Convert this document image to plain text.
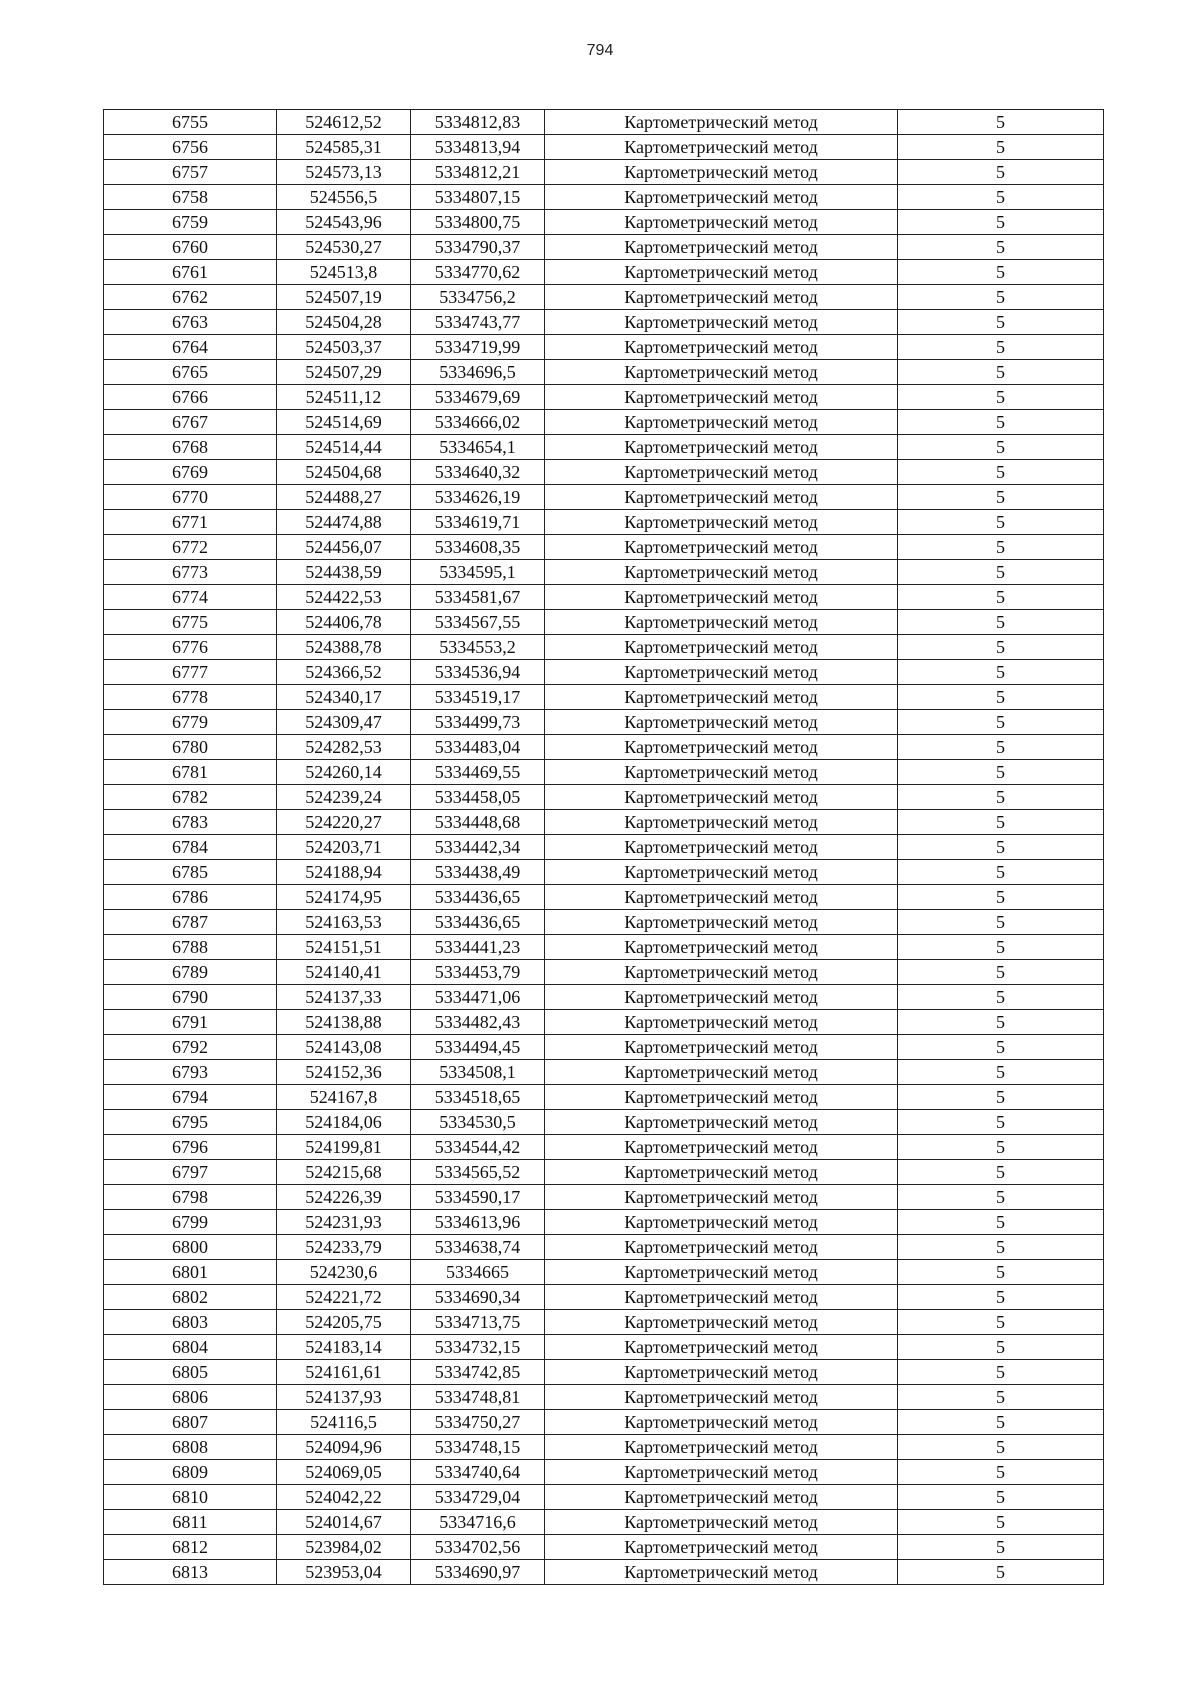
794
6755	524612,52	5334812,83	Картометрический метод	5
6756	524585,31	5334813,94	Картометрический метод	5
6757	524573,13	5334812,21	Картометрический метод	5
6758	524556,5	5334807,15	Картометрический метод	5
6759	524543,96	5334800,75	Картометрический метод	5
6760	524530,27	5334790,37	Картометрический метод	5
6761	524513,8	5334770,62	Картометрический метод	5
6762	524507,19	5334756,2	Картометрический метод	5
6763	524504,28	5334743,77	Картометрический метод	5
6764	524503,37	5334719,99	Картометрический метод	5
6765	524507,29	5334696,5	Картометрический метод	5
6766	524511,12	5334679,69	Картометрический метод	5
6767	524514,69	5334666,02	Картометрический метод	5
6768	524514,44	5334654,1	Картометрический метод	5
6769	524504,68	5334640,32	Картометрический метод	5
6770	524488,27	5334626,19	Картометрический метод	5
6771	524474,88	5334619,71	Картометрический метод	5
6772	524456,07	5334608,35	Картометрический метод	5
6773	524438,59	5334595,1	Картометрический метод	5
6774	524422,53	5334581,67	Картометрический метод	5
6775	524406,78	5334567,55	Картометрический метод	5
6776	524388,78	5334553,2	Картометрический метод	5
6777	524366,52	5334536,94	Картометрический метод	5
6778	524340,17	5334519,17	Картометрический метод	5
6779	524309,47	5334499,73	Картометрический метод	5
6780	524282,53	5334483,04	Картометрический метод	5
6781	524260,14	5334469,55	Картометрический метод	5
6782	524239,24	5334458,05	Картометрический метод	5
6783	524220,27	5334448,68	Картометрический метод	5
6784	524203,71	5334442,34	Картометрический метод	5
6785	524188,94	5334438,49	Картометрический метод	5
6786	524174,95	5334436,65	Картометрический метод	5
6787	524163,53	5334436,65	Картометрический метод	5
6788	524151,51	5334441,23	Картометрический метод	5
6789	524140,41	5334453,79	Картометрический метод	5
6790	524137,33	5334471,06	Картометрический метод	5
6791	524138,88	5334482,43	Картометрический метод	5
6792	524143,08	5334494,45	Картометрический метод	5
6793	524152,36	5334508,1	Картометрический метод	5
6794	524167,8	5334518,65	Картометрический метод	5
6795	524184,06	5334530,5	Картометрический метод	5
6796	524199,81	5334544,42	Картометрический метод	5
6797	524215,68	5334565,52	Картометрический метод	5
6798	524226,39	5334590,17	Картометрический метод	5
6799	524231,93	5334613,96	Картометрический метод	5
6800	524233,79	5334638,74	Картометрический метод	5
6801	524230,6	5334665	Картометрический метод	5
6802	524221,72	5334690,34	Картометрический метод	5
6803	524205,75	5334713,75	Картометрический метод	5
6804	524183,14	5334732,15	Картометрический метод	5
6805	524161,61	5334742,85	Картометрический метод	5
6806	524137,93	5334748,81	Картометрический метод	5
6807	524116,5	5334750,27	Картометрический метод	5
6808	524094,96	5334748,15	Картометрический метод	5
6809	524069,05	5334740,64	Картометрический метод	5
6810	524042,22	5334729,04	Картометрический метод	5
6811	524014,67	5334716,6	Картометрический метод	5
6812	523984,02	5334702,56	Картометрический метод	5
6813	523953,04	5334690,97	Картометрический метод	5
